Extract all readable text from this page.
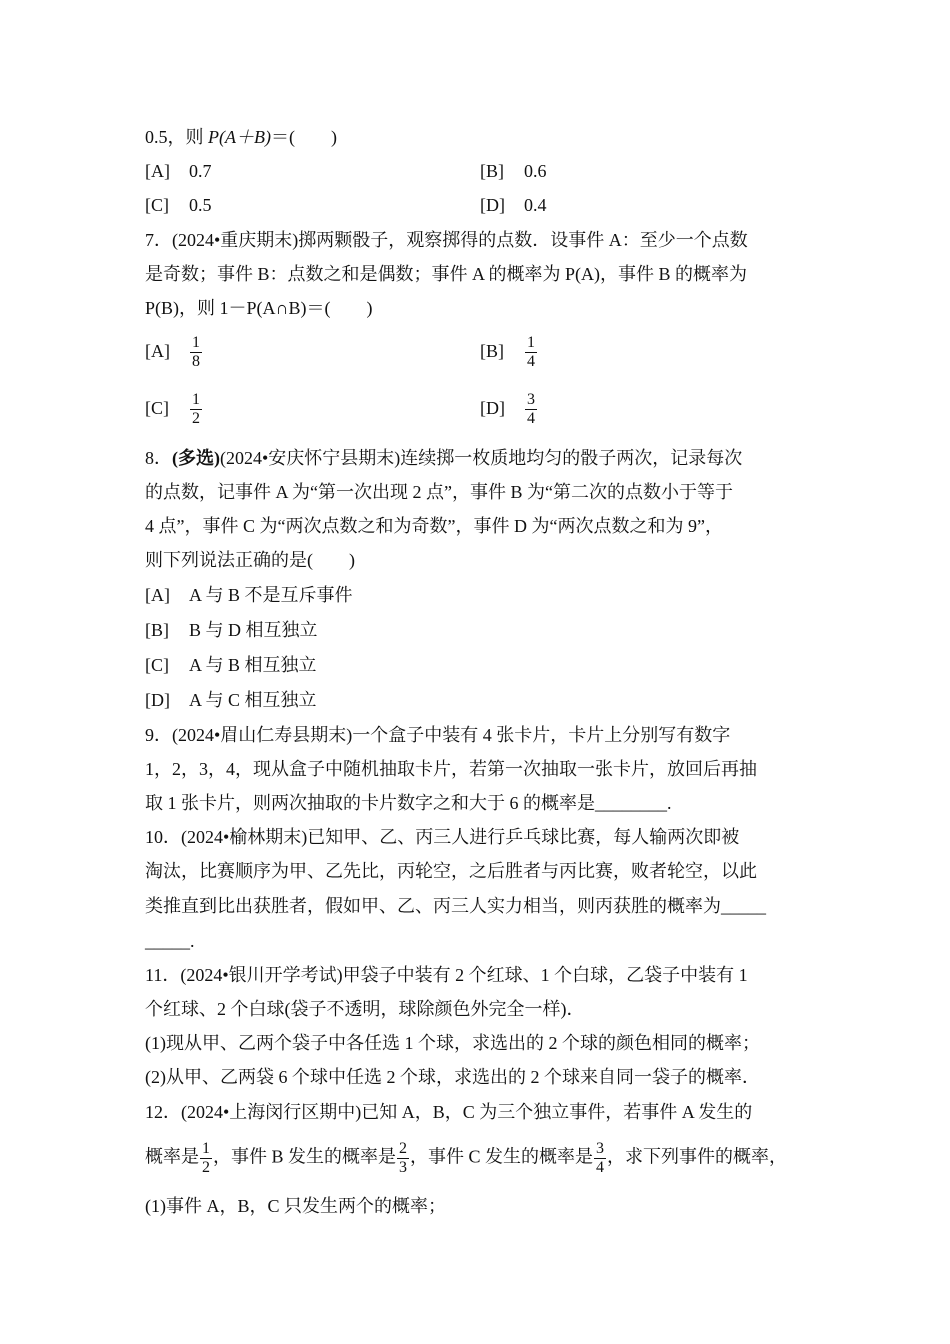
0.5，则 P(A＋B)＝(　　)
[A] 0.7	[B] 0.6
[C] 0.5	[D] 0.4
7．(2024•重庆期末)掷两颗骰子，观察掷得的点数．设事件 A：至少一个点数
是奇数；事件 B：点数之和是偶数；事件 A 的概率为 P(A)，事件 B 的概率为
P(B)，则 1－P(A∩B)＝(　　)
$[A] \frac{1}{8}$	$[B] \frac{1}{4}$
$[C] \frac{1}{2}$	$[D] \frac{3}{4}$
8．(多选)(2024•安庆怀宁县期末)连续掷一枚质地均匀的骰子两次，记录每次
的点数，记事件 A 为“第一次出现 2 点”，事件 B 为“第二次的点数小于等于
4 点”，事件 C 为“两次点数之和为奇数”，事件 D 为“两次点数之和为 9”，
则下列说法正确的是(　　)
[A] A 与 B 不是互斥事件
[B] B 与 D 相互独立
[C] A 与 B 相互独立
[D] A 与 C 相互独立
9．(2024•眉山仁寿县期末)一个盒子中装有 4 张卡片，卡片上分别写有数字
1，2，3，4，现从盒子中随机抽取卡片，若第一次抽取一张卡片，放回后再抽
取 1 张卡片，则两次抽取的卡片数字之和大于 6 的概率是________.
10．(2024•榆林期末)已知甲、乙、丙三人进行乒乓球比赛，每人输两次即被
淘汰，比赛顺序为甲、乙先比，丙轮空，之后胜者与丙比赛，败者轮空，以此
类推直到比出获胜者，假如甲、乙、丙三人实力相当，则丙获胜的概率为_____
_____.
11．(2024•银川开学考试)甲袋子中装有 2 个红球、1 个白球，乙袋子中装有 1
个红球、2 个白球(袋子不透明，球除颜色外完全一样)．
(1)现从甲、乙两个袋子中各任选 1 个球，求选出的 2 个球的颜色相同的概率；
(2)从甲、乙两袋 6 个球中任选 2 个球，求选出的 2 个球来自同一袋子的概率．
12．(2024•上海闵行区期中)已知 A，B，C 为三个独立事件，若事件 A 发生的
概率是 $\frac{1}{2}$ ，事件 B 发生的概率是 $\frac{2}{3}$ ，事件 C 发生的概率是 $\frac{3}{4}$ ，求下列事件的概率，
(1)事件 A，B，C 只发生两个的概率；
